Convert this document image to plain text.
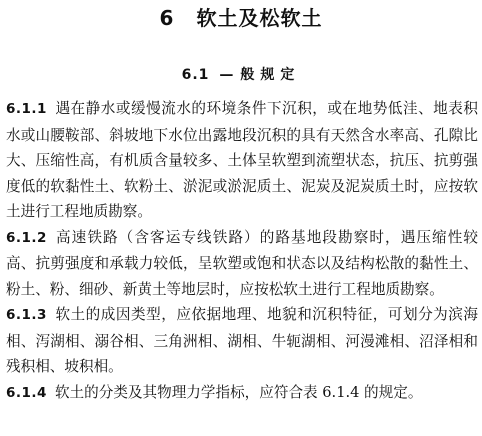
6 软土及松软土
6.1 — 般规定

6.1.1 遇在静水或缓慢流水的环境条件下沉积，或在地势低洼、地表积水或山腰鞍部、斜坡地下水位出露地段沉积的具有天然含水率高、孔隙比大、压缩性高，有机质含量较多、土体呈软塑到流塑状态，抗压、抗剪强度低的软黏性土、软粉土、淤泥或淤泥质土、泥炭及泥炭质土时，应按软土进行工程地质勘察。

6.1.2 高速铁路（含客运专线铁路）的路基地段勘察时，遇压缩性较高、抗剪强度和承载力较低，呈软塑或饱和状态以及结构松散的黏性土、粉土、粉、细砂、新黄土等地层时，应按松软土进行工程地质勘察。

6.1.3 软土的成因类型，应依据地理、地貌和沉积特征，可划分为滨海相、泻湖相、溺谷相、三角洲相、湖相、牛轭湖相、河漫滩相、沼泽相和残积相、坡积相。

6.1.4 软土的分类及其物理力学指标，应符合表 6.1.4 的规定。
